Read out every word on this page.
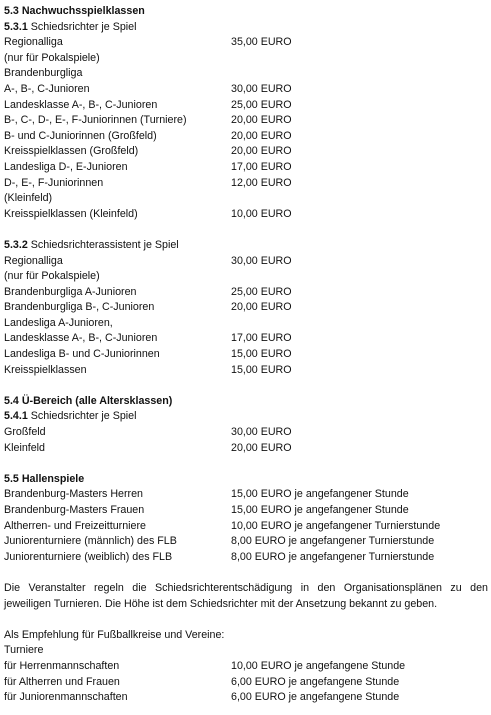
5.3 Nachwuchsspielklassen
5.3.1 Schiedsrichter je Spiel
Regionalliga	35,00 EURO
(nur für Pokalspiele)
Brandenburgliga
A-, B-, C-Junioren	30,00 EURO
Landesklasse A-, B-, C-Junioren	25,00 EURO
B-, C-, D-, E-, F-Juniorinnen (Turniere)	20,00 EURO
B- und C-Juniorinnen (Großfeld)	20,00 EURO
Kreisspielklassen (Großfeld)	20,00 EURO
Landesliga D-, E-Junioren	17,00 EURO
D-, E-, F-Juniorinnen	12,00 EURO
(Kleinfeld)
Kreisspielklassen (Kleinfeld)	10,00 EURO
5.3.2 Schiedsrichterassistent je Spiel
Regionalliga	30,00 EURO
(nur für Pokalspiele)
Brandenburgliga A-Junioren	25,00 EURO
Brandenburgliga B-, C-Junioren	20,00 EURO
Landesliga A-Junioren,
Landesklasse A-, B-, C-Junioren	17,00 EURO
Landesliga B- und C-Juniorinnen	15,00 EURO
Kreisspielklassen	15,00 EURO
5.4 Ü-Bereich (alle Altersklassen)
5.4.1 Schiedsrichter je Spiel
Großfeld	30,00 EURO
Kleinfeld	20,00 EURO
5.5 Hallenspiele
Brandenburg-Masters Herren	15,00 EURO je angefangener Stunde
Brandenburg-Masters Frauen	15,00 EURO je angefangener Stunde
Altherren- und Freizeitturniere	10,00 EURO je angefangener Turnierstunde
Juniorenturniere (männlich) des FLB	8,00 EURO je angefangener Turnierstunde
Juniorenturniere (weiblich) des FLB	8,00 EURO je angefangener Turnierstunde
Die Veranstalter regeln die Schiedsrichterentschädigung in den Organisationsplänen zu den jeweiligen Turnieren. Die Höhe ist dem Schiedsrichter mit der Ansetzung bekannt zu geben.
Als Empfehlung für Fußballkreise und Vereine:
Turniere
für Herrenmannschaften	10,00 EURO je angefangene Stunde
für Altherren und Frauen	6,00 EURO je angefangene Stunde
für Juniorenmannschaften	6,00 EURO je angefangene Stunde
